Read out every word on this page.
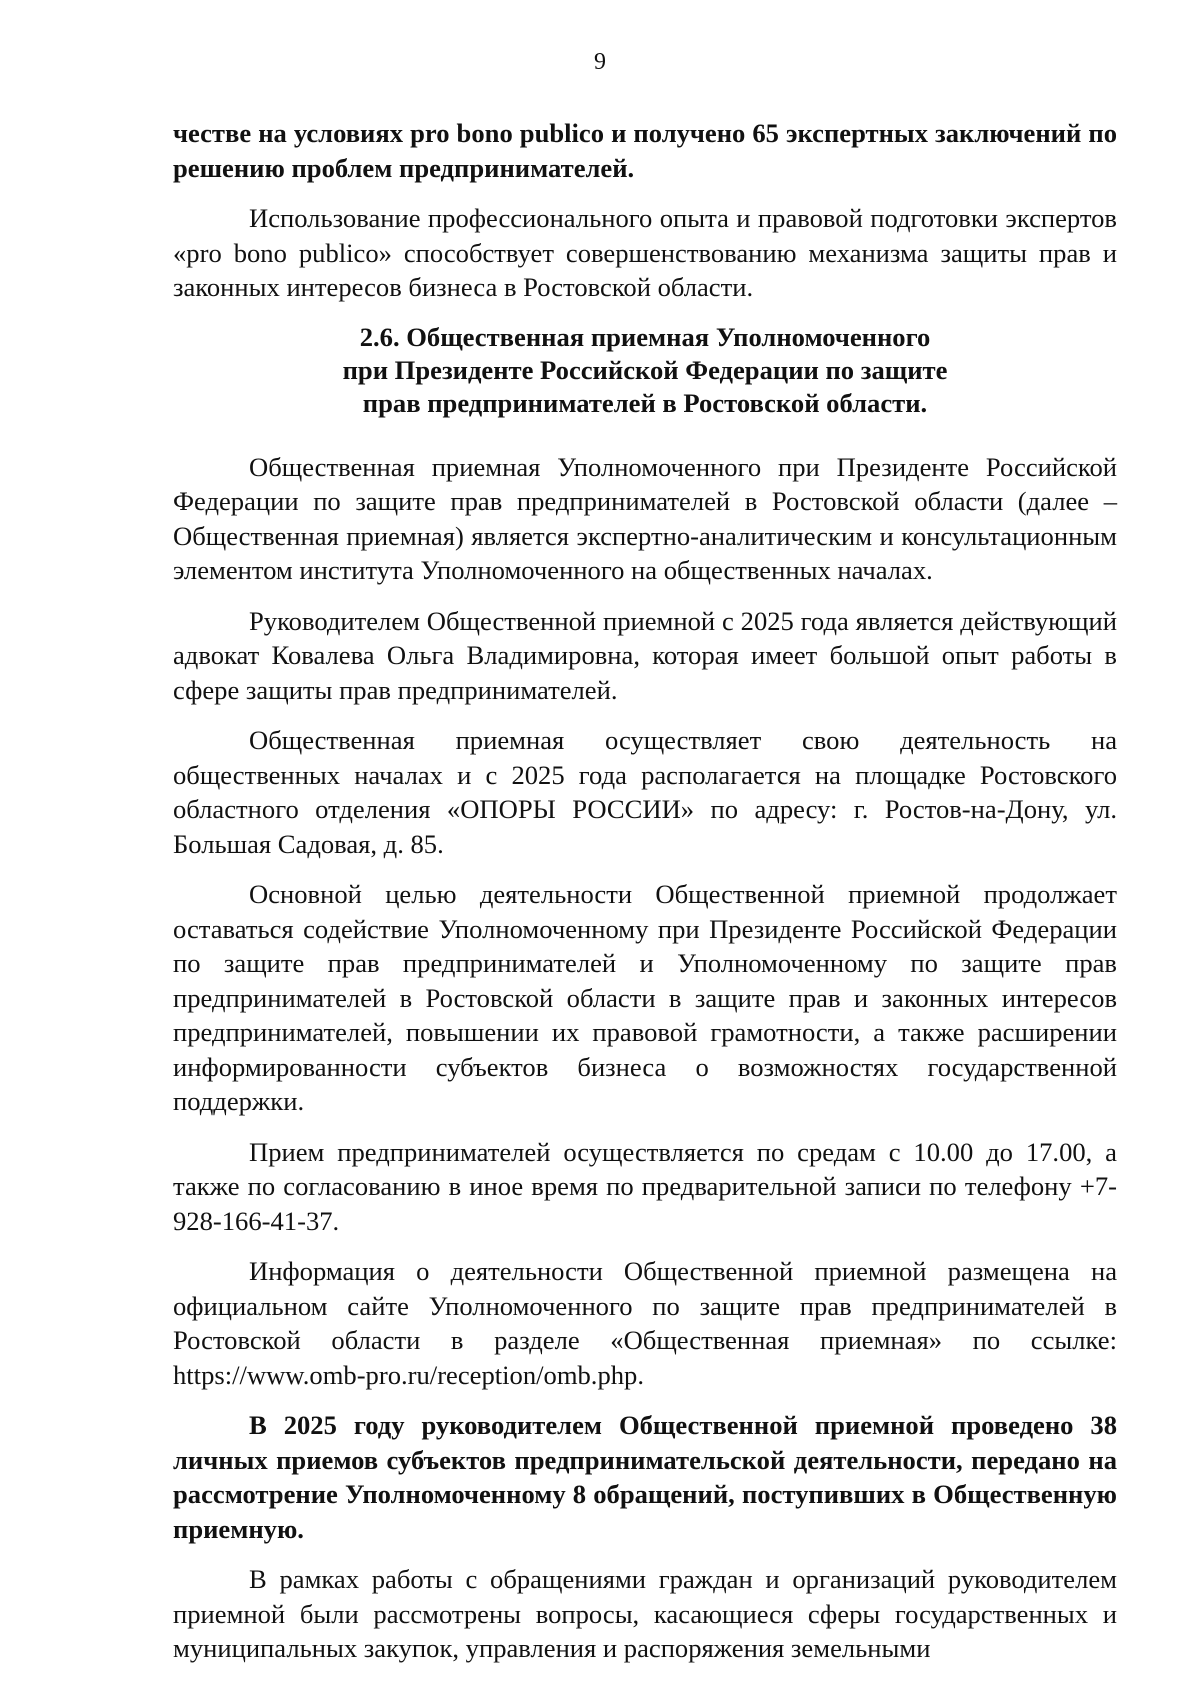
9

честве на условиях pro bono publico и получено 65 экспертных заключений по решению проблем предпринимателей.

Использование профессионального опыта и правовой подготовки экспертов «pro bono publico» способствует совершенствованию механизма защиты прав и законных интересов бизнеса в Ростовской области.

2.6. Общественная приемная Уполномоченного
при Президенте Российской Федерации по защите
прав предпринимателей в Ростовской области.

Общественная приемная Уполномоченного при Президенте Российской Федерации по защите прав предпринимателей в Ростовской области (далее – Общественная приемная) является экспертно-аналитическим и консультационным элементом института Уполномоченного на общественных началах.

Руководителем Общественной приемной с 2025 года является действующий адвокат Ковалева Ольга Владимировна, которая имеет большой опыт работы в сфере защиты прав предпринимателей.

Общественная приемная осуществляет свою деятельность на общественных началах и с 2025 года располагается на площадке Ростовского областного отделения «ОПОРЫ РОССИИ» по адресу: г. Ростов-на-Дону, ул. Большая Садовая, д. 85.

Основной целью деятельности Общественной приемной продолжает оставаться содействие Уполномоченному при Президенте Российской Федерации по защите прав предпринимателей и Уполномоченному по защите прав предпринимателей в Ростовской области в защите прав и законных интересов предпринимателей, повышении их правовой грамотности, а также расширении информированности субъектов бизнеса о возможностях государственной поддержки.

Прием предпринимателей осуществляется по средам с 10.00 до 17.00, а также по согласованию в иное время по предварительной записи по телефону +7-928-166-41-37.

Информация о деятельности Общественной приемной размещена на официальном сайте Уполномоченного по защите прав предпринимателей в Ростовской области в разделе «Общественная приемная» по ссылке: https://www.omb-pro.ru/reception/omb.php.

В 2025 году руководителем Общественной приемной проведено 38 личных приемов субъектов предпринимательской деятельности, передано на рассмотрение Уполномоченному 8 обращений, поступивших в Общественную приемную.

В рамках работы с обращениями граждан и организаций руководителем приемной были рассмотрены вопросы, касающиеся сферы государственных и муниципальных закупок, управления и распоряжения земельными
